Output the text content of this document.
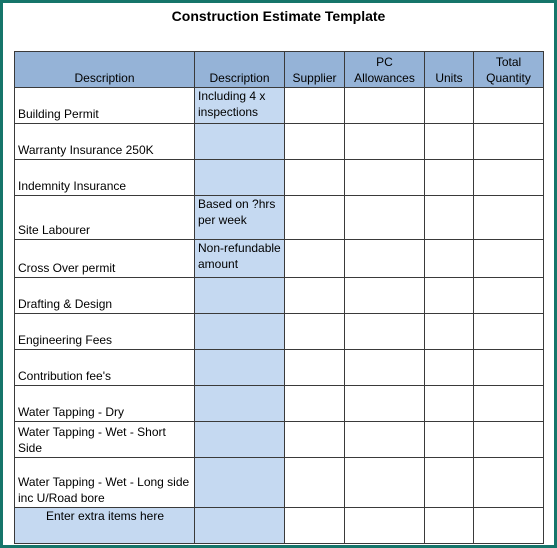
Construction Estimate Template
Description	Description	Supplier	PC Allowances	Units	Total Quantity
Building Permit	Including 4 x inspections				
Warranty Insurance 250K					
Indemnity Insurance					
Site Labourer	Based on ?hrs per week				
Cross Over permit	Non-refundable amount				
Drafting & Design					
Engineering Fees					
Contribution fee's					
Water Tapping - Dry					
Water Tapping - Wet - Short Side					
Water Tapping - Wet - Long side inc U/Road bore					
Enter extra items here					
